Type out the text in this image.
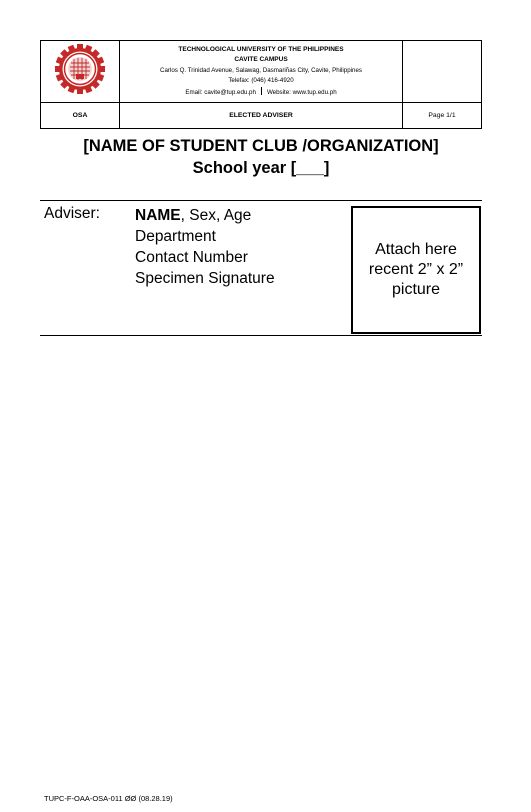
TECHNOLOGICAL UNIVERSITY OF THE PHILIPPINES
CAVITE CAMPUS
Carlos Q. Trinidad Avenue, Salawag, Dasmariñas City, Cavite, Philippines
Telefax: (046) 416-4920
Email: cavite@tup.edu.ph Website: www.tup.edu.ph	

OSA	ELECTED ADVISER	Page 1/1
[NAME OF STUDENT CLUB /ORGANIZATION]
School year [___]
Adviser: NAME, Sex, Age
Department
Contact Number
Specimen Signature
Attach here recent 2” x 2” picture
TUPC-F-OAA-OSA-011 ØØ (08.28.19)
